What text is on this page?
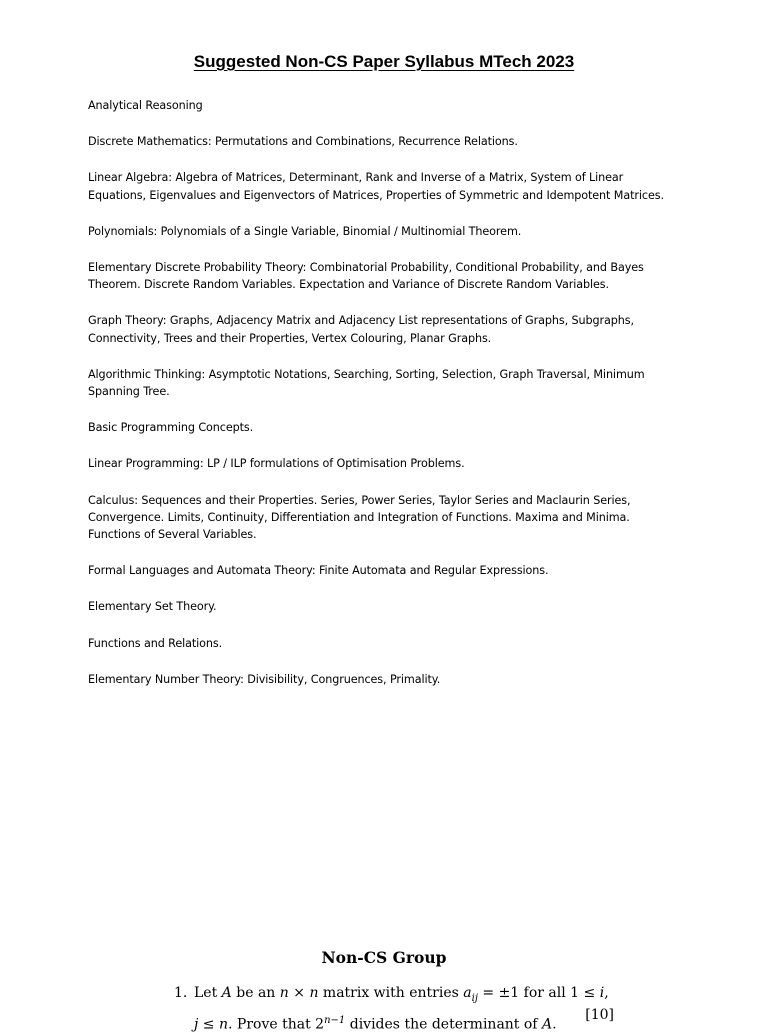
Suggested Non-CS Paper Syllabus MTech 2023
Analytical Reasoning
Discrete Mathematics: Permutations and Combinations, Recurrence Relations.
Linear Algebra: Algebra of Matrices, Determinant, Rank and Inverse of a Matrix, System of Linear Equations, Eigenvalues and Eigenvectors of Matrices, Properties of Symmetric and Idempotent Matrices.
Polynomials: Polynomials of a Single Variable, Binomial / Multinomial Theorem.
Elementary Discrete Probability Theory: Combinatorial Probability, Conditional Probability, and Bayes Theorem. Discrete Random Variables. Expectation and Variance of Discrete Random Variables.
Graph Theory: Graphs, Adjacency Matrix and Adjacency List representations of Graphs, Subgraphs, Connectivity, Trees and their Properties, Vertex Colouring, Planar Graphs.
Algorithmic Thinking: Asymptotic Notations, Searching, Sorting, Selection, Graph Traversal, Minimum Spanning Tree.
Basic Programming Concepts.
Linear Programming: LP / ILP formulations of Optimisation Problems.
Calculus: Sequences and their Properties. Series, Power Series, Taylor Series and Maclaurin Series, Convergence. Limits, Continuity, Differentiation and Integration of Functions. Maxima and Minima. Functions of Several Variables.
Formal Languages and Automata Theory: Finite Automata and Regular Expressions.
Elementary Set Theory.
Functions and Relations.
Elementary Number Theory: Divisibility, Congruences, Primality.
Non-CS Group
1. Let A be an n × n matrix with entries $a_{ij} = \pm 1$ for all 1 ≤ i, j ≤ n. Prove that $2^{n-1}$ divides the determinant of A.
[10]
